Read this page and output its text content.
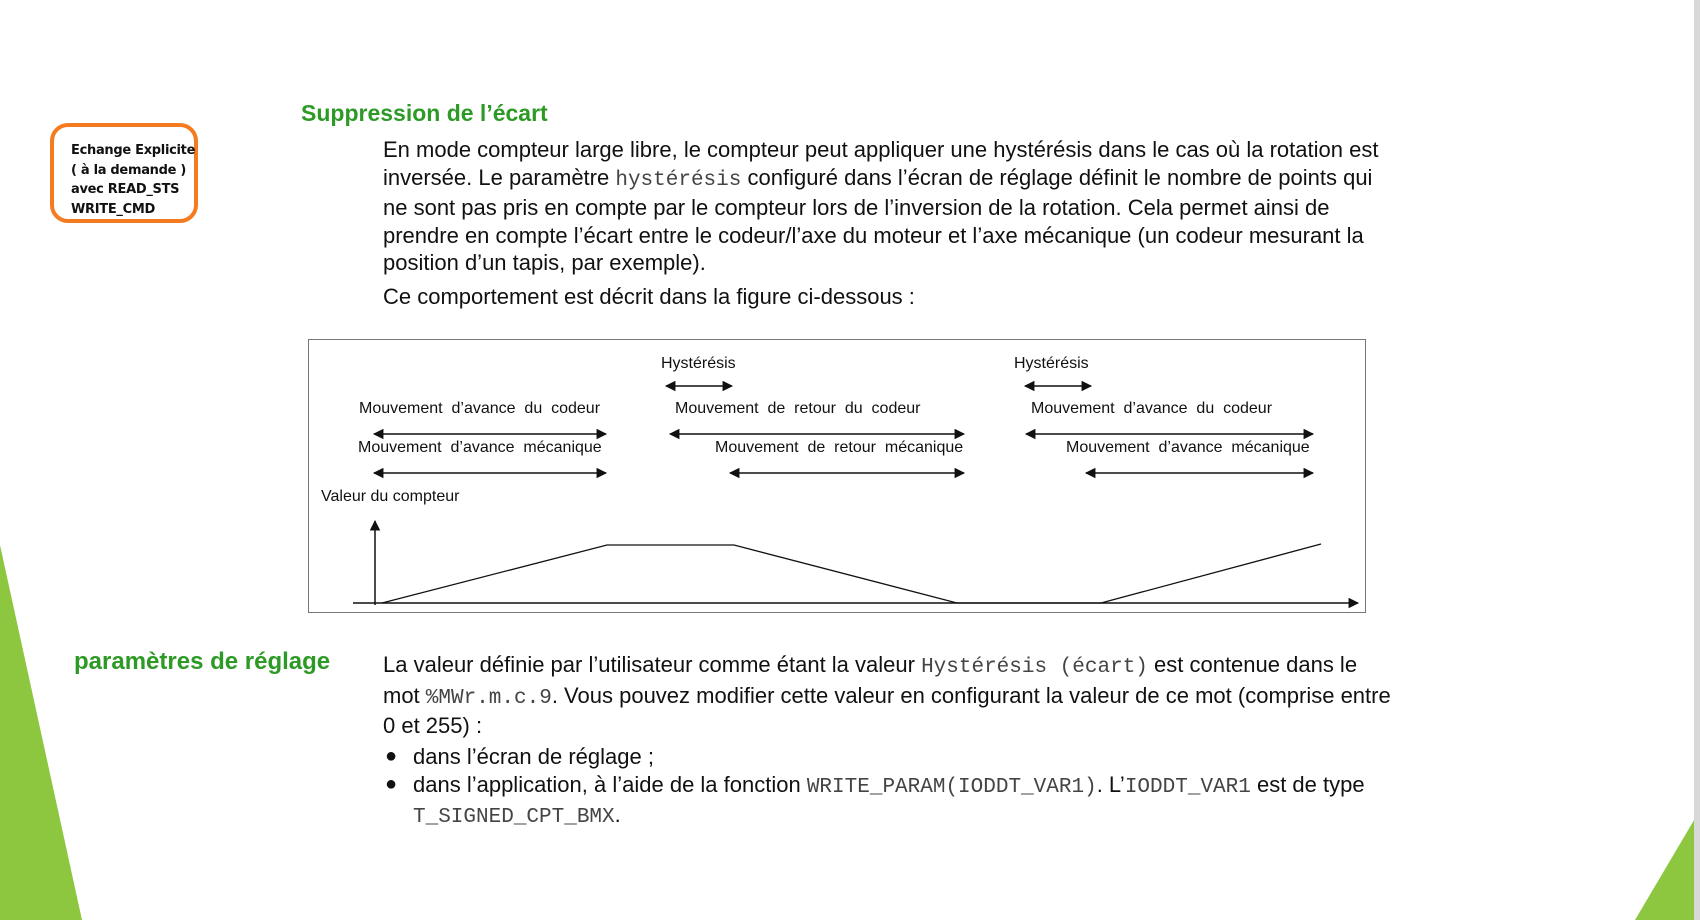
Echange Explicite
( à la demande )
avec READ_STS
WRITE_CMD
Suppression de l’écart
En mode compteur large libre, le compteur peut appliquer une hystérésis dans le cas où la rotation est inversée. Le paramètre hystérésis configuré dans l’écran de réglage définit le nombre de points qui ne sont pas pris en compte par le compteur lors de l’inversion de la rotation. Cela permet ainsi de prendre en compte l’écart entre le codeur/l’axe du moteur et l’axe mécanique (un codeur mesurant la position d’un tapis, par exemple).
Ce comportement est décrit dans la figure ci-dessous :
Hystérésis	Hystérésis
Mouvement  d’avance  du  codeur
Mouvement  d’avance  mécanique
Mouvement  de  retour  du  codeur
Mouvement  de  retour  mécanique
Mouvement  d’avance  du  codeur
Mouvement  d’avance  mécanique
Valeur du compteur
paramètres de réglage La valeur définie par l’utilisateur comme étant la valeur Hystérésis (écart) est contenue dans le mot %MWr.m.c.9. Vous pouvez modifier cette valeur en configurant la valeur de ce mot (comprise entre 0 et 255) :
● dans l’écran de réglage ;
● dans l’application, à l’aide de la fonction WRITE_PARAM(IODDT_VAR1). L’IODDT_VAR1 est de type T_SIGNED_CPT_BMX.
